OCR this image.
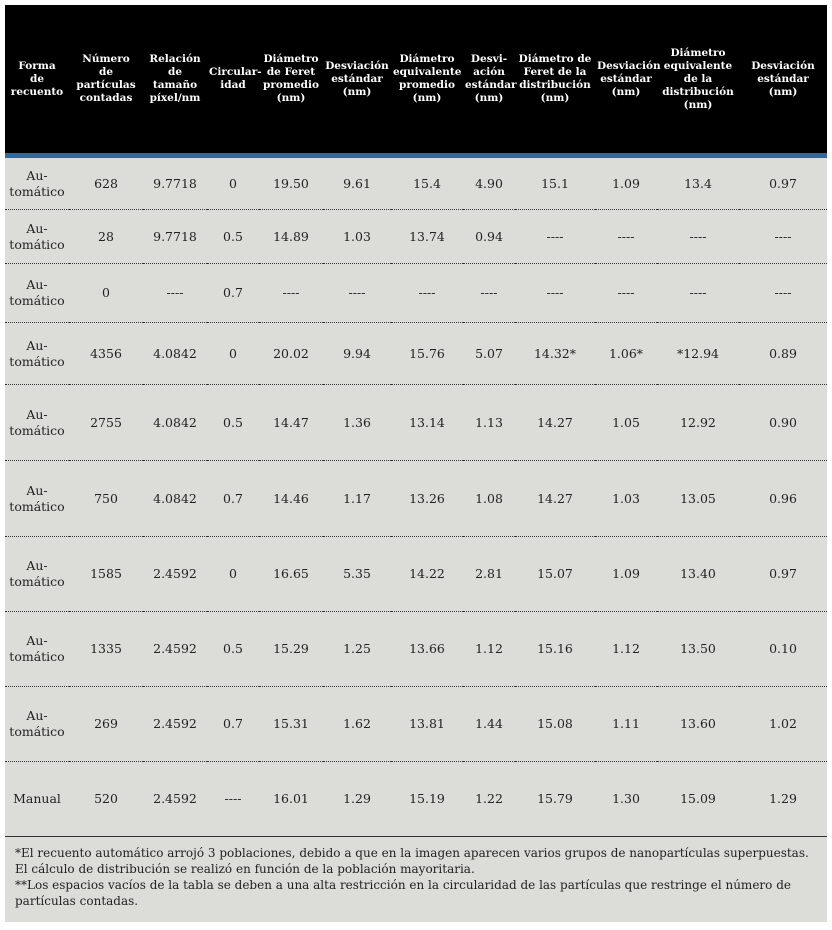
Forma
de
recuento	Número
de partículas
contadas	Relación
de tamaño
píxel/nm	Circular-
idad	Diámetro
de Feret
promedio
(nm)	Desviación
estándar
(nm)	Diámetro
equivalente
promedio
(nm)	Desvi-
ación
estándar
(nm)	Diámetro de
Feret de la
distribución
(nm)	Desviación
estándar
(nm)	Diámetro
equivalente
de la
distribución
(nm)	Desviación
estándar
(nm)

Au-
tomático	628	9.7718	0	19.50	9.61	15.4	4.90	15.1	1.09	13.4	0.97
Au-
tomático	28	9.7718	0.5	14.89	1.03	13.74	0.94	----	----	----	----
Au-
tomático	0	----	0.7	----	----	----	----	----	----	----	----
Au-
tomático	4356	4.0842	0	20.02	9.94	15.76	5.07	14.32*	1.06*	*12.94	0.89
Au-
tomático	2755	4.0842	0.5	14.47	1.36	13.14	1.13	14.27	1.05	12.92	0.90
Au-
tomático	750	4.0842	0.7	14.46	1.17	13.26	1.08	14.27	1.03	13.05	0.96
Au-
tomático	1585	2.4592	0	16.65	5.35	14.22	2.81	15.07	1.09	13.40	0.97
Au-
tomático	1335	2.4592	0.5	15.29	1.25	13.66	1.12	15.16	1.12	13.50	0.10
Au-
tomático	269	2.4592	0.7	15.31	1.62	13.81	1.44	15.08	1.11	13.60	1.02
Manual	520	2.4592	----	16.01	1.29	15.19	1.22	15.79	1.30	15.09	1.29

*El recuento automático arrojó 3 poblaciones, debido a que en la imagen aparecen varios grupos de nanopartículas superpuestas.

El cálculo de distribución se realizó en función de la población mayoritaria.

**Los espacios vacíos de la tabla se deben a una alta restricción en la circularidad de las partículas que restringe el número de

partículas contadas.
